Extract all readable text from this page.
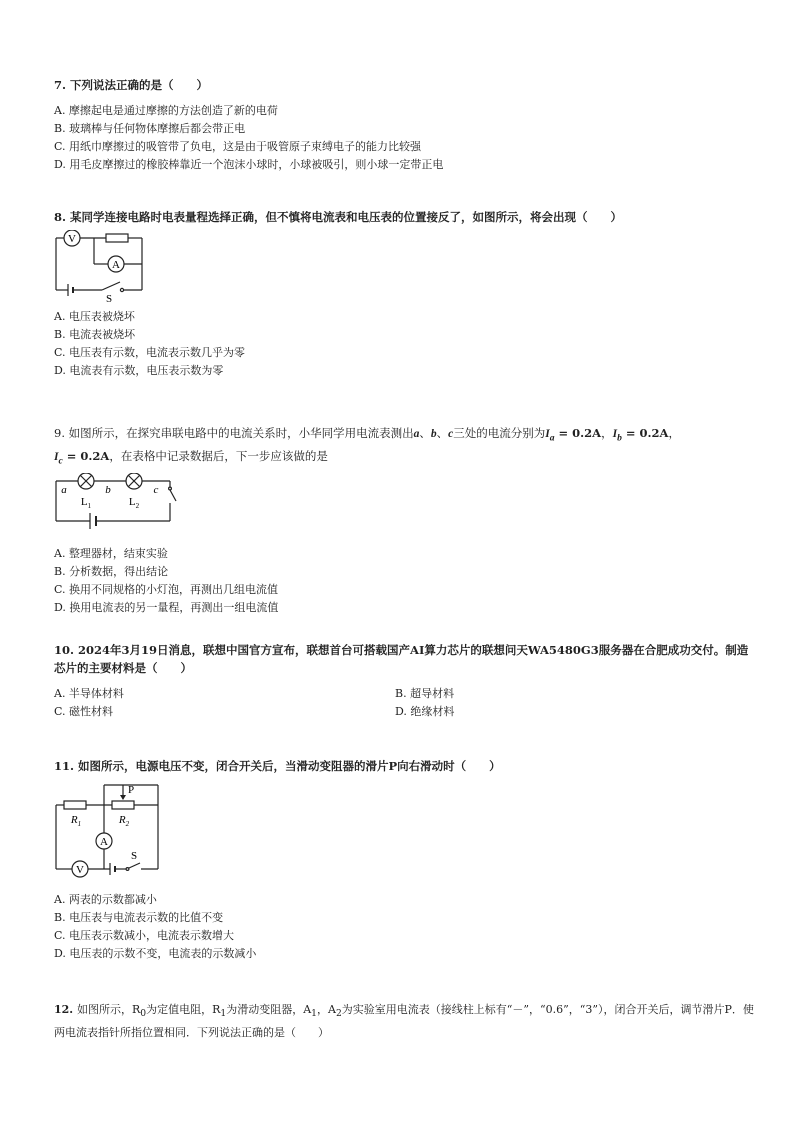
7. 下列说法正确的是（　　）
A. 摩擦起电是通过摩擦的方法创造了新的电荷
B. 玻璃棒与任何物体摩擦后都会带正电
C. 用纸巾摩擦过的吸管带了负电，这是由于吸管原子束缚电子的能力比较强
D. 用毛皮摩擦过的橡胶棒靠近一个泡沫小球时，小球被吸引，则小球一定带正电
8. 某同学连接电路时电表量程选择正确，但不慎将电流表和电压表的位置接反了，如图所示，将会出现（　　）
V
A
S
A. 电压表被烧坏
B. 电流表被烧坏
C. 电压表有示数，电流表示数几乎为零
D. 电流表有示数，电压表示数为零
9. 如图所示，在探究串联电路中的电流关系时，小华同学用电流表测出a、b、c三处的电流分别为$I_a = 0.2A$，$I_b = 0.2A$，
$I_c = 0.2A$，在表格中记录数据后，下一步应该做的是
a	b	c
$L_1$	$L_2$
A. 整理器材，结束实验
B. 分析数据，得出结论
C. 换用不同规格的小灯泡，再测出几组电流值
D. 换用电流表的另一量程，再测出一组电流值
10. 2024年3月19日消息，联想中国官方宣布，联想首台可搭载国产AI算力芯片的联想问天WA5480G3服务器在合肥成功交付。制造芯片的主要材料是（　　）
A. 半导体材料	B. 超导材料
C. 磁性材料	D. 绝缘材料
11. 如图所示，电源电压不变，闭合开关后，当滑动变阻器的滑片P向右滑动时（　　）
P
$R_1$	$R_2$
A
V
S
A. 两表的示数都减小
B. 电压表与电流表示数的比值不变
C. 电压表示数减小，电流表示数增大
D. 电压表的示数不变，电流表的示数减小
12. 如图所示，$R_0$为定值电阻，$R_1$为滑动变阻器，$A_1$，$A_2$为实验室用电流表（接线柱上标有“－”，“0.6”，“3”），闭合开关后，调节滑片P．使两电流表指针所指位置相同．下列说法正确的是（　　）
